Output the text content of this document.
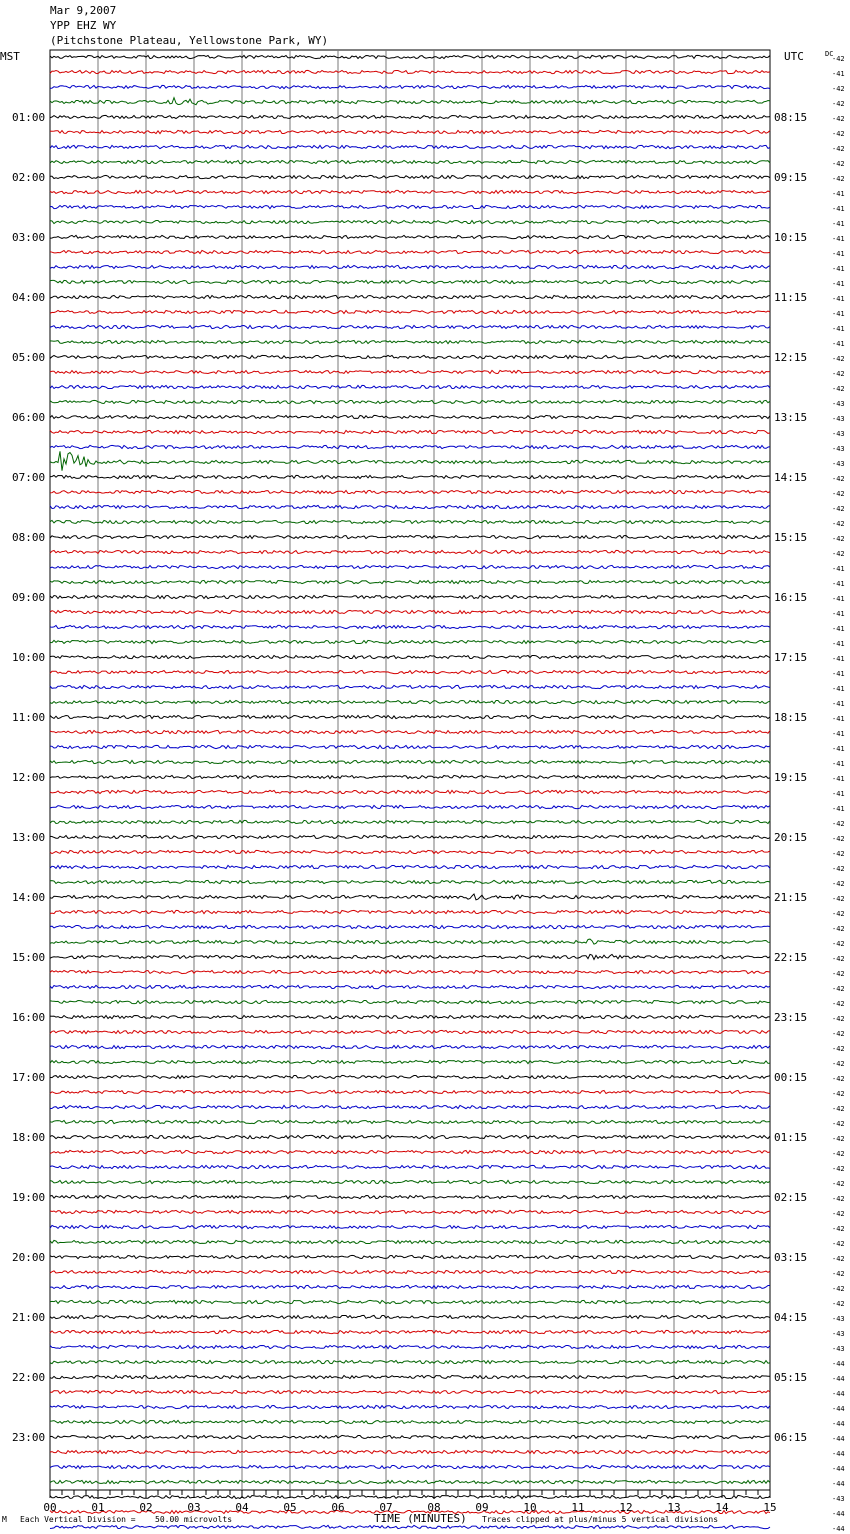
Mar 9,2007
YPP EHZ WY
(Pitchstone Plateau, Yellowstone Park, WY)
MST	UTC	DC
01:00
02:00
03:00
04:00
05:00
06:00
07:00
08:00
09:00
10:00
11:00
12:00
13:00
14:00
15:00
16:00
17:00
18:00
19:00
20:00
21:00
22:00
23:00
08:15
09:15
10:15
11:15
12:15
13:15
14:15
15:15
16:15
17:15
18:15
19:15
20:15
21:15
22:15
23:15
00:15
01:15
02:15
03:15
04:15
05:15
06:15
-42
-41
-42
-42
-42
-42
-42
-42
-42
-41
-41
-41
-41
-41
-41
-41
-41
-41
-41
-41
-42
-42
-42
-43
-43
-43
-43
-43
-42
-42
-42
-42
-42
-42
-41
-41
-41
-41
-41
-41
-41
-41
-41
-41
-41
-41
-41
-41
-41
-41
-41
-42
-42
-42
-42
-42
-42
-42
-42
-42
-42
-42
-42
-42
-42
-42
-42
-42
-42
-42
-42
-42
-42
-42
-42
-42
-42
-42
-42
-42
-42
-42
-42
-42
-43
-43
-43
-44
-44
-44
-44
-44
-44
-44
-44
-44
-43
-44
-44
00	01	02	03	04	05	06	07	08	09	10	11	12	13	14	15
M Each Vertical Division = 50.00 microvolts	TIME (MINUTES) Traces clipped at plus/minus 5 vertical divisions
